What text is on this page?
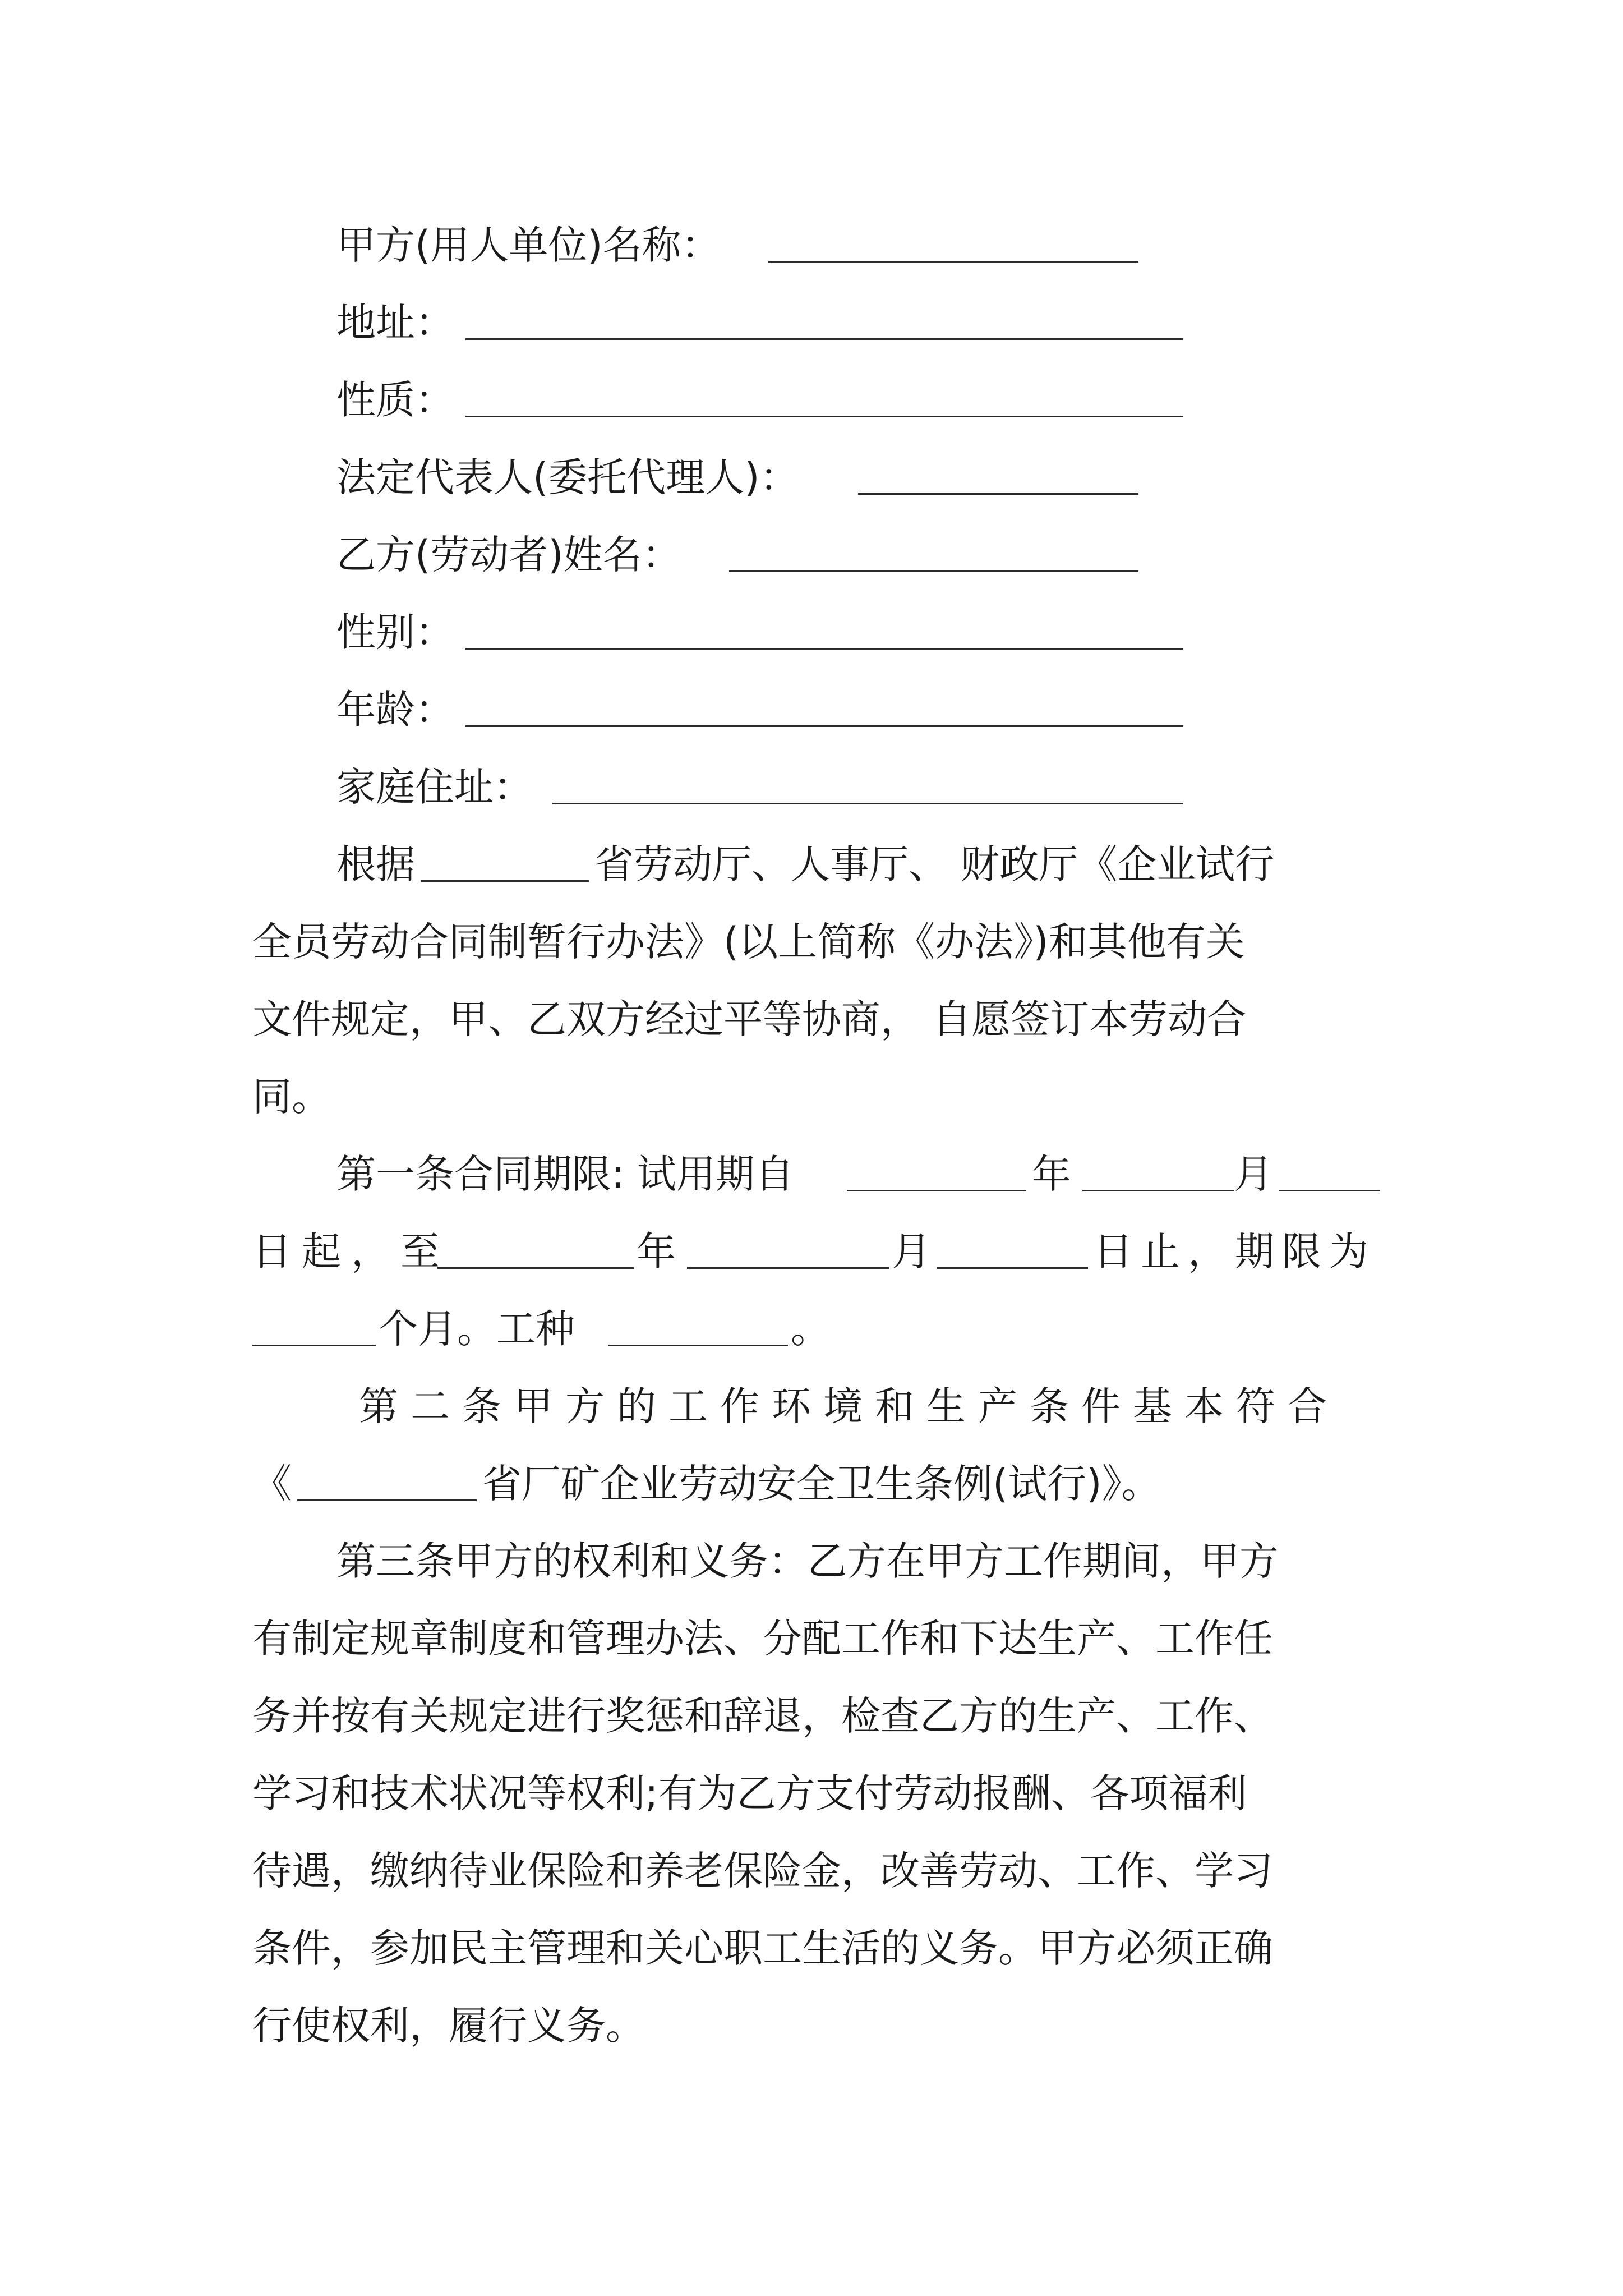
甲方(用人单位)名称：
地址：
性质：
法定代表人(委托代理人)：
乙方(劳动者)姓名：
性别：
年龄：
家庭住址：
根据	省劳动厅、人事厅、 财政厅《企业试行
全员劳动合同制暂行办法》(以上简称《办法》)和其他有关
文件规定，甲、乙双方经过平等协商， 自愿签订本劳动合
同。
第一条合同期限: 试用期自	年	月
日起，至	年	月	日止，期限为
个月。工种	。
第二条甲方的工作环境和生产条件基本符合
《	省厂矿企业劳动安全卫生条例(试行)》。
第三条甲方的权利和义务：乙方在甲方工作期间，甲方
有制定规章制度和管理办法、分配工作和下达生产、工作任
务并按有关规定进行奖惩和辞退，检查乙方的生产、工作、
学习和技术状况等权利;有为乙方支付劳动报酬、各项福利
待遇，缴纳待业保险和养老保险金，改善劳动、工作、学习
条件，参加民主管理和关心职工生活的义务。甲方必须正确
行使权利，履行义务。
